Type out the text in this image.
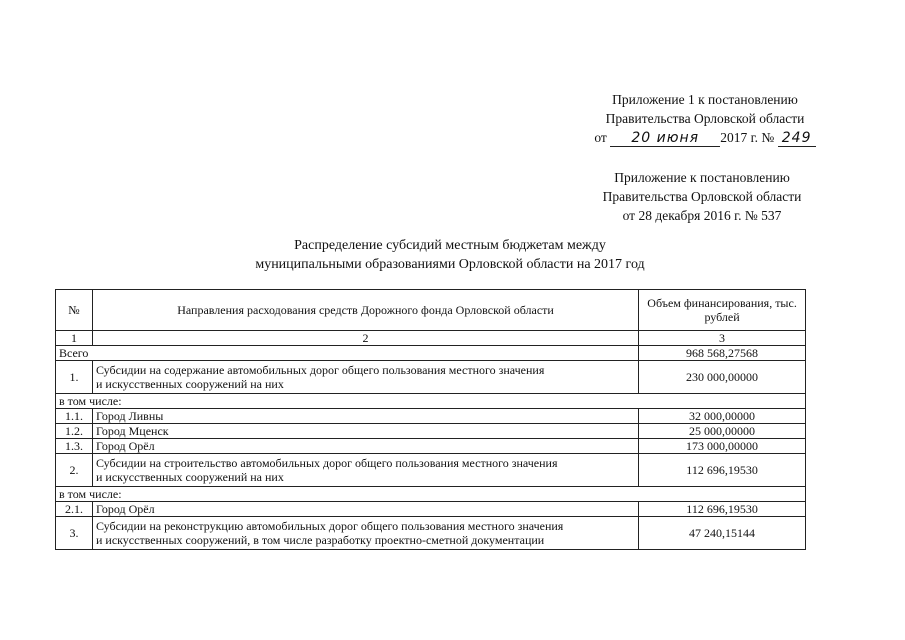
Приложение 1 к постановлению
Правительства Орловской области
от 20 июня 2017 г. № 249
Приложение к постановлению
Правительства Орловской области
от 28 декабря 2016 г. № 537
Распределение субсидий местным бюджетам между
муниципальными образованиями Орловской области на 2017 год
№	Направления расходования средств Дорожного фонда Орловской области	Объем финансирования, тыс. рублей
1	2	3
Всего		968 568,27568
1.	Субсидии на содержание автомобильных дорог общего пользования местного значения
и искусственных сооружений на них	230 000,00000
в том числе:		
1.1.	Город Ливны	32 000,00000
1.2.	Город Мценск	25 000,00000
1.3.	Город Орёл	173 000,00000
2.	Субсидии на строительство автомобильных дорог общего пользования местного значения
и искусственных сооружений на них	112 696,19530
в том числе:		
2.1.	Город Орёл	112 696,19530
3.	Субсидии на реконструкцию автомобильных дорог общего пользования местного значения
и искусственных сооружений, в том числе разработку проектно-сметной документации	47 240,15144
